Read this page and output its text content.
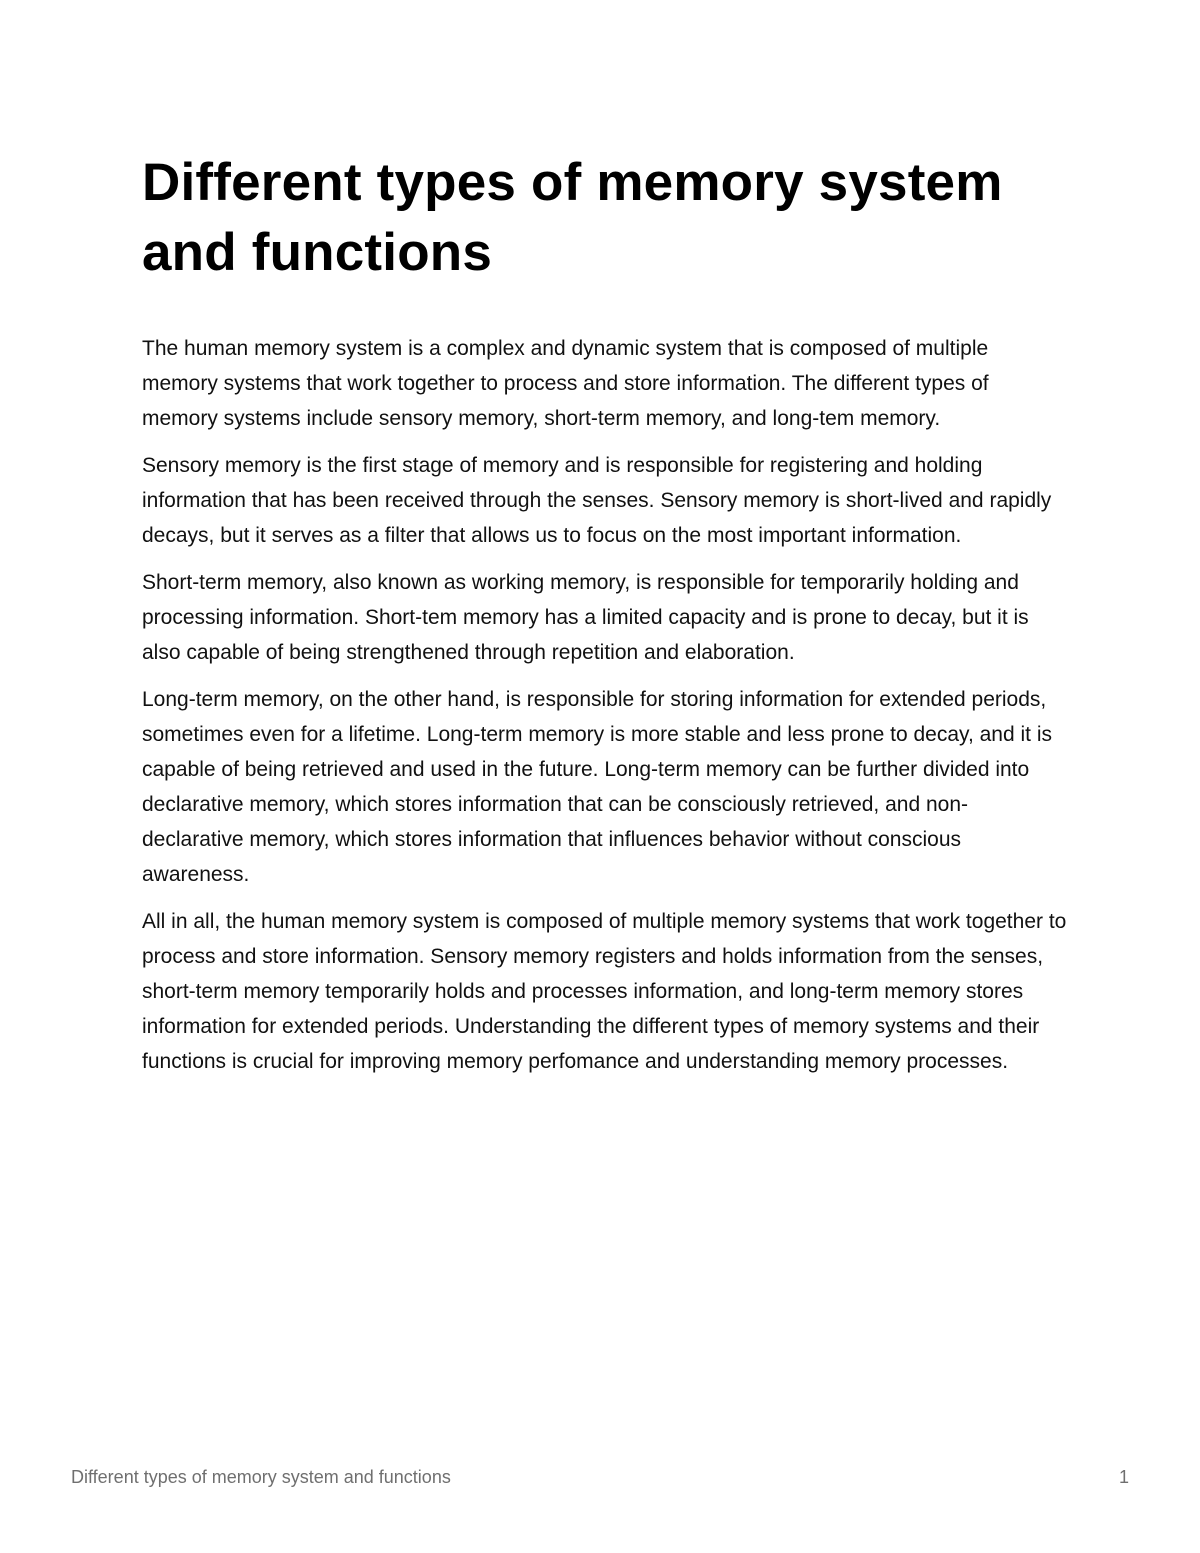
Different types of memory system and functions

The human memory system is a complex and dynamic system that is composed of multiple memory systems that work together to process and store information. The different types of memory systems include sensory memory, short-term memory, and long-tem memory.

Sensory memory is the first stage of memory and is responsible for registering and holding information that has been received through the senses. Sensory memory is short-lived and rapidly decays, but it serves as a filter that allows us to focus on the most important information.

Short-term memory, also known as working memory, is responsible for temporarily holding and processing information. Short-tem memory has a limited capacity and is prone to decay, but it is also capable of being strengthened through repetition and elaboration.

Long-term memory, on the other hand, is responsible for storing information for extended periods, sometimes even for a lifetime. Long-term memory is more stable and less prone to decay, and it is capable of being retrieved and used in the future. Long-term memory can be further divided into declarative memory, which stores information that can be consciously retrieved, and non-declarative memory, which stores information that influences behavior without conscious awareness.

All in all, the human memory system is composed of multiple memory systems that work together to process and store information. Sensory memory registers and holds information from the senses, short-term memory temporarily holds and processes information, and long-term memory stores information for extended periods. Understanding the different types of memory systems and their functions is crucial for improving memory perfomance and understanding memory processes.

Different types of memory system and functions	1
